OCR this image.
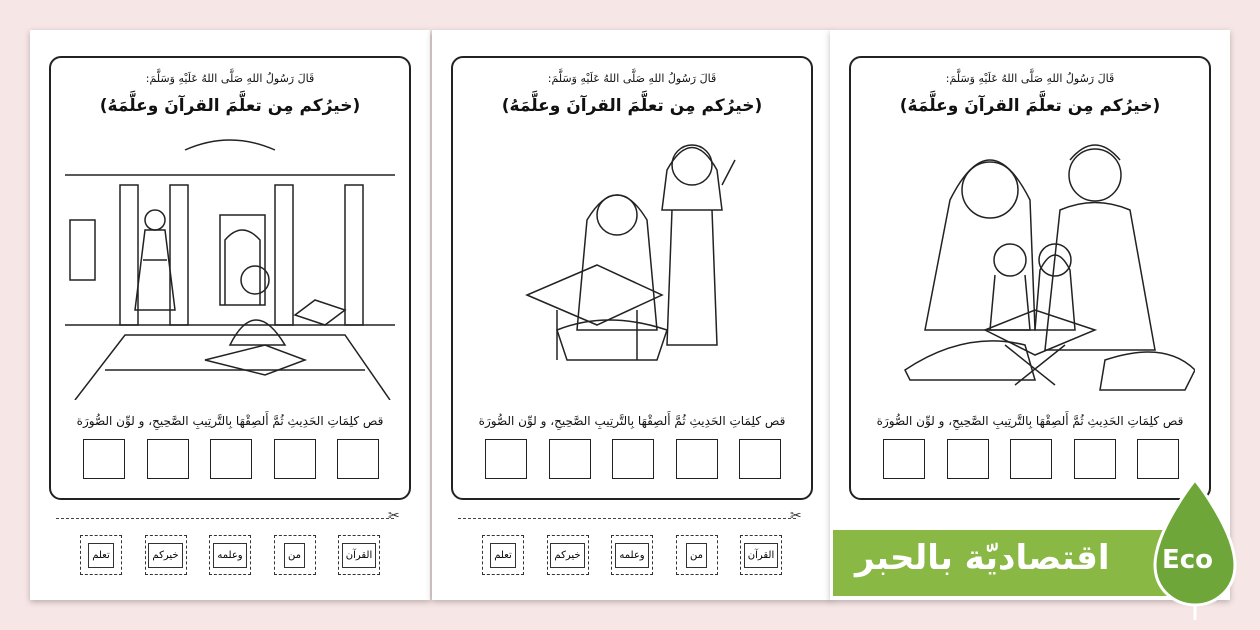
قَالَ رَسُولُ اللهِ صَلَّى اللهُ عَلَيْهِ وَسَلَّمَ:
(خيرُكم مِن تعلَّمَ القرآنَ وعلَّمَهُ)
قص كلِمَاتِ الحَدِيثِ ثُمَّ أَلصِقْهَا بِالتَّرتِيبِ الصَّحِيحِ، و لوِّن الصُّورَة
✂
القرآن
من
وعلمه
خيركم
تعلم
قَالَ رَسُولُ اللهِ صَلَّى اللهُ عَلَيْهِ وَسَلَّمَ:
(خيرُكم مِن تعلَّمَ القرآنَ وعلَّمَهُ)
قص كلِمَاتِ الحَدِيثِ ثُمَّ أَلصِقْهَا بِالتَّرتِيبِ الصَّحِيحِ، و لوِّن الصُّورَة
✂
القرآن
من
وعلمه
خيركم
تعلم
قَالَ رَسُولُ اللهِ صَلَّى اللهُ عَلَيْهِ وَسَلَّمَ:
(خيرُكم مِن تعلَّمَ القرآنَ وعلَّمَهُ)
قص كلِمَاتِ الحَدِيثِ ثُمَّ أَلصِقْهَا بِالتَّرتِيبِ الصَّحِيحِ، و لوِّن الصُّورَة
اقتصاديّة بالحبر Eco
